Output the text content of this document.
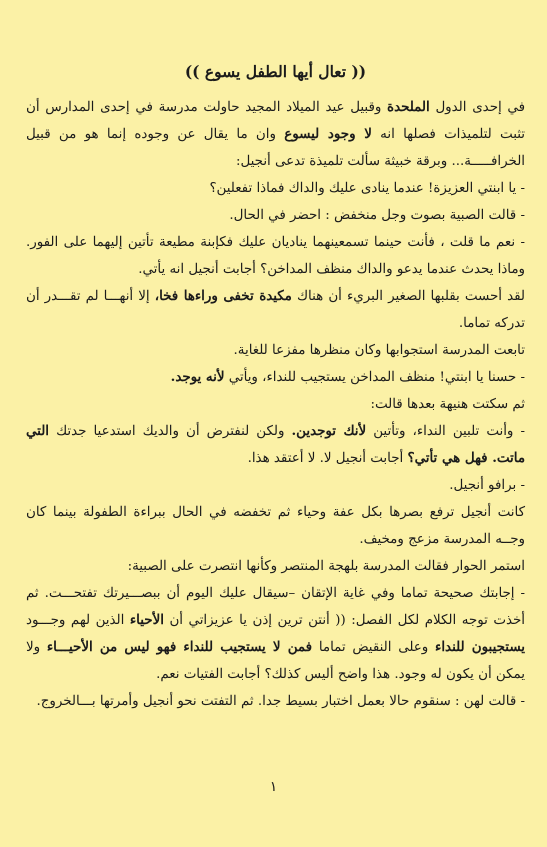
(( تعال أيها الطفل يسوع ))

في إحدى الدول الملحدة وقبيل عيد الميلاد المجيد حاولت مدرسة في إحدى المدارس أن تثبت لتلميذات فصلها انه لا وجود ليسوع وان ما يقال عن وجوده إنما هو من قبيل الخرافـــــة... وبرقة خبيثة سألت تلميذة تدعى أنجيل:

- يا ابنتي العزيزة! عندما ينادى عليك والداك فماذا تفعلين؟

- قالت الصبية بصوت وجل منخفض : احضر في الحال.

- نعم ما قلت ، فأنت حينما تسمعينهما يناديان عليك فكإبنة مطيعة تأتين إليهما على الفور. وماذا يحدث عندما يدعو والداك منظف المداخن؟ أجابت أنجيل انه يأتي.

لقد أحست بقلبها الصغير البريء أن هناك مكيدة تخفى وراءها فخا، إلا أنهـــا لم تقـــدر أن تدركه تماما.

تابعت المدرسة استجوابها وكان منظرها مفزعا للغاية.

- حسنا يا ابنتي! منظف المداخن يستجيب للنداء، ويأتي لأنه يوجد.

ثم سكتت هنيهة بعدها قالت:

- وأنت تلبين النداء، وتأتين لأنك توجدين. ولكن لنفترض أن والديك استدعيا جدتك التي ماتت. فهل هي تأتي؟ أجابت أنجيل لا. لا أعتقد هذا.

- برافو أنجيل.

كانت أنجيل ترفع بصرها بكل عفة وحياء ثم تخفضه في الحال ببراءة الطفولة بينما كان وجــه المدرسة مزعج ومخيف.

استمر الحوار فقالت المدرسة بلهجة المنتصر وكأنها انتصرت على الصبية:

- إجابتك صحيحة تماما وفي غاية الإتقان –سيقال عليك اليوم أن ببصـــيرتك تفتحـــت. ثم أخذت توجه الكلام لكل الفصل: (( أنتن ترين إذن يا عزيزاتي أن الأحياء الذين لهم وجـــود يستجيبون للنداء وعلى النقيض تماما فمن لا يستجيب للنداء فهو ليس من الأحيـــاء ولا يمكن أن يكون له وجود. هذا واضح أليس كذلك؟ أجابت الفتيات نعم.

- قالت لهن : سنقوم حالا بعمل اختبار بسيط جدا. ثم التفتت نحو أنجيل وأمرتها بـــالخروج.

١
